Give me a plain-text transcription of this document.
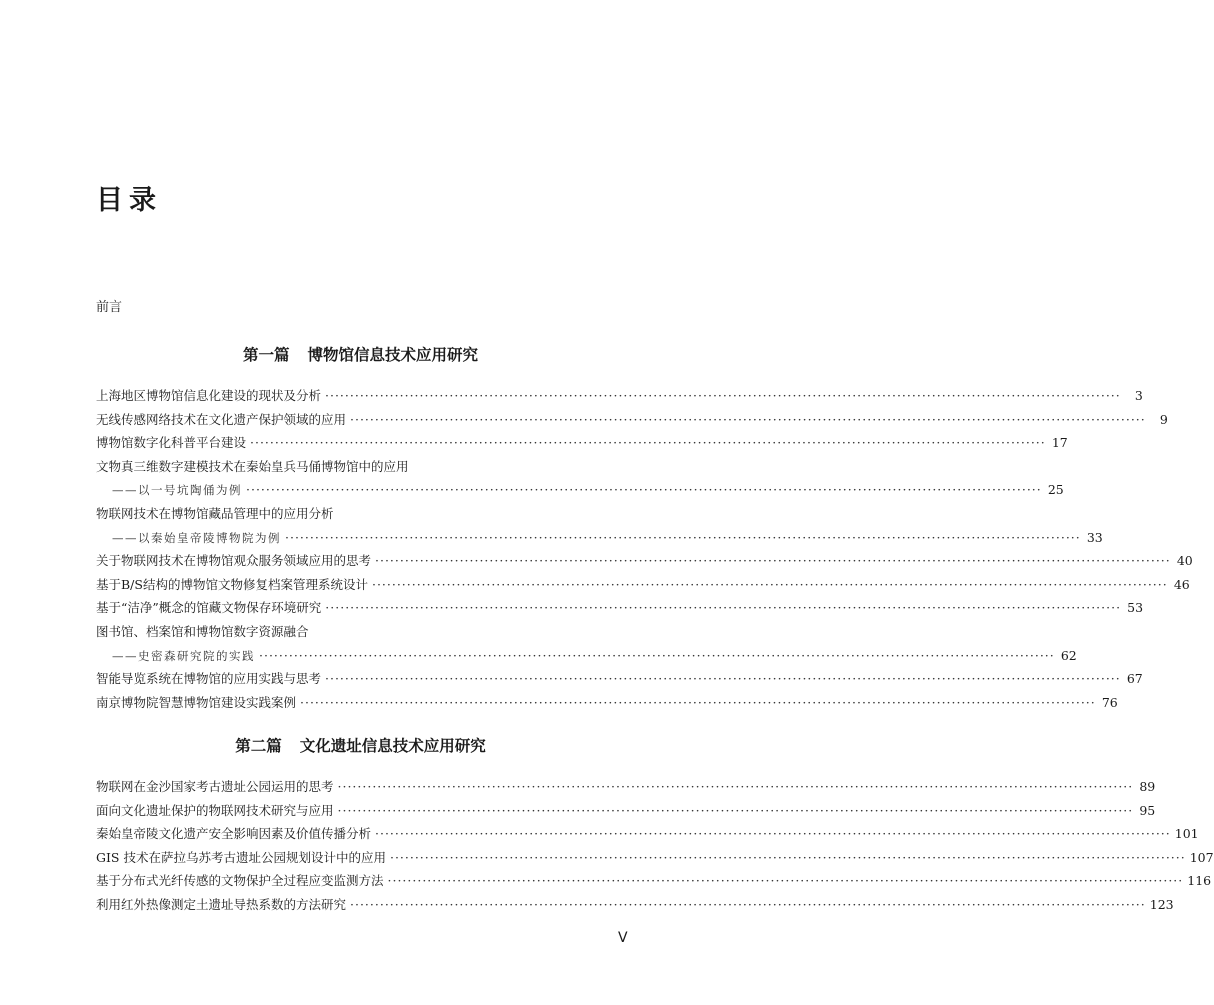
目录
前言
第一篇 博物馆信息技术应用研究
上海地区博物馆信息化建设的现状及分析 ································································································································································	3
无线传感网络技术在文化遗产保护领域的应用 ································································································································································	9
博物馆数字化科普平台建设 ································································································································································ 17
文物真三维数字建模技术在秦始皇兵马俑博物馆中的应用
——以一号坑陶俑为例 ································································································································································ 25
物联网技术在博物馆藏品管理中的应用分析
——以秦始皇帝陵博物院为例 ································································································································································ 33
关于物联网技术在博物馆观众服务领域应用的思考 ································································································································································ 40
基于B/S结构的博物馆文物修复档案管理系统设计 ································································································································································ 46
基于“洁净”概念的馆藏文物保存环境研究 ································································································································································ 53
图书馆、档案馆和博物馆数字资源融合
——史密森研究院的实践 ································································································································································ 62
智能导览系统在博物馆的应用实践与思考 ································································································································································ 67
南京博物院智慧博物馆建设实践案例 ································································································································································ 76
第二篇 文化遗址信息技术应用研究
物联网在金沙国家考古遗址公园运用的思考 ································································································································································ 89
面向文化遗址保护的物联网技术研究与应用 ································································································································································ 95
秦始皇帝陵文化遗产安全影响因素及价值传播分析 ································································································································································ 101
GIS 技术在萨拉乌苏考古遗址公园规划设计中的应用 ································································································································································ 107
基于分布式光纤传感的文物保护全过程应变监测方法 ································································································································································ 116
利用红外热像测定土遗址导热系数的方法研究 ································································································································································ 123
V
